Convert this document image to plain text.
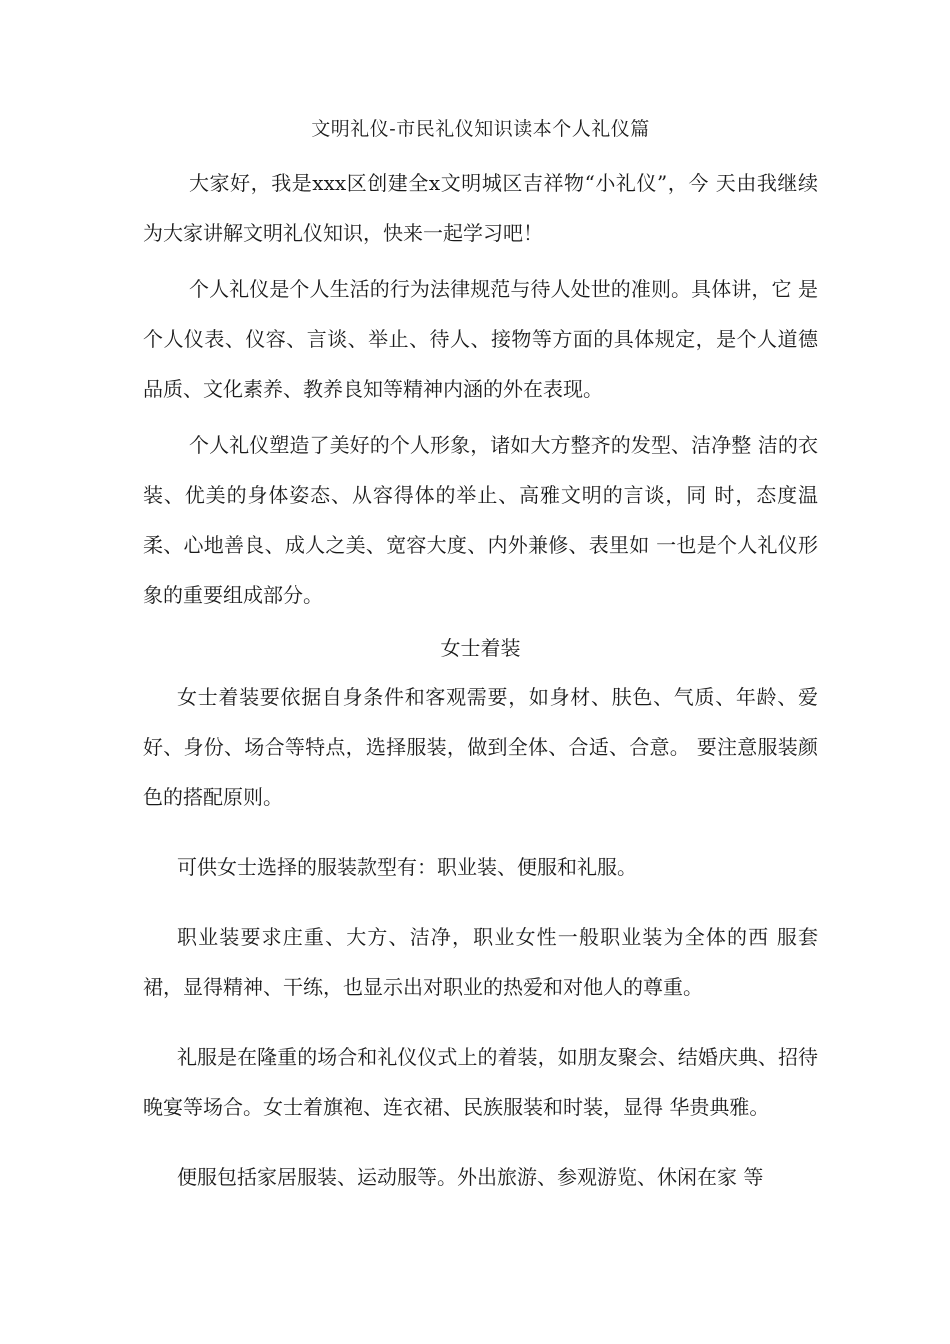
文明礼仪-市民礼仪知识读本个人礼仪篇

大家好，我是xxx区创建全x文明城区吉祥物“小礼仪”，今 天由我继续为大家讲解文明礼仪知识，快来一起学习吧！

个人礼仪是个人生活的行为法律规范与待人处世的准则。具体讲，它 是个人仪表、仪容、言谈、举止、待人、接物等方面的具体规定，是个人道德品质、文化素养、教养良知等精神内涵的外在表现。

个人礼仪塑造了美好的个人形象，诸如大方整齐的发型、洁净整 洁的衣装、优美的身体姿态、从容得体的举止、高雅文明的言谈，同 时，态度温柔、心地善良、成人之美、宽容大度、内外兼修、表里如 一也是个人礼仪形象的重要组成部分。

女士着装

女士着装要依据自身条件和客观需要，如身材、肤色、气质、年龄、爱好、身份、场合等特点，选择服装，做到全体、合适、合意。 要注意服装颜色的搭配原则。

可供女士选择的服装款型有：职业装、便服和礼服。

职业装要求庄重、大方、洁净，职业女性一般职业装为全体的西 服套裙，显得精神、干练，也显示出对职业的热爱和对他人的尊重。

礼服是在隆重的场合和礼仪仪式上的着装，如朋友聚会、结婚庆典、招待晚宴等场合。女士着旗袍、连衣裙、民族服装和时装，显得 华贵典雅。

便服包括家居服装、运动服等。外出旅游、参观游览、休闲在家 等
